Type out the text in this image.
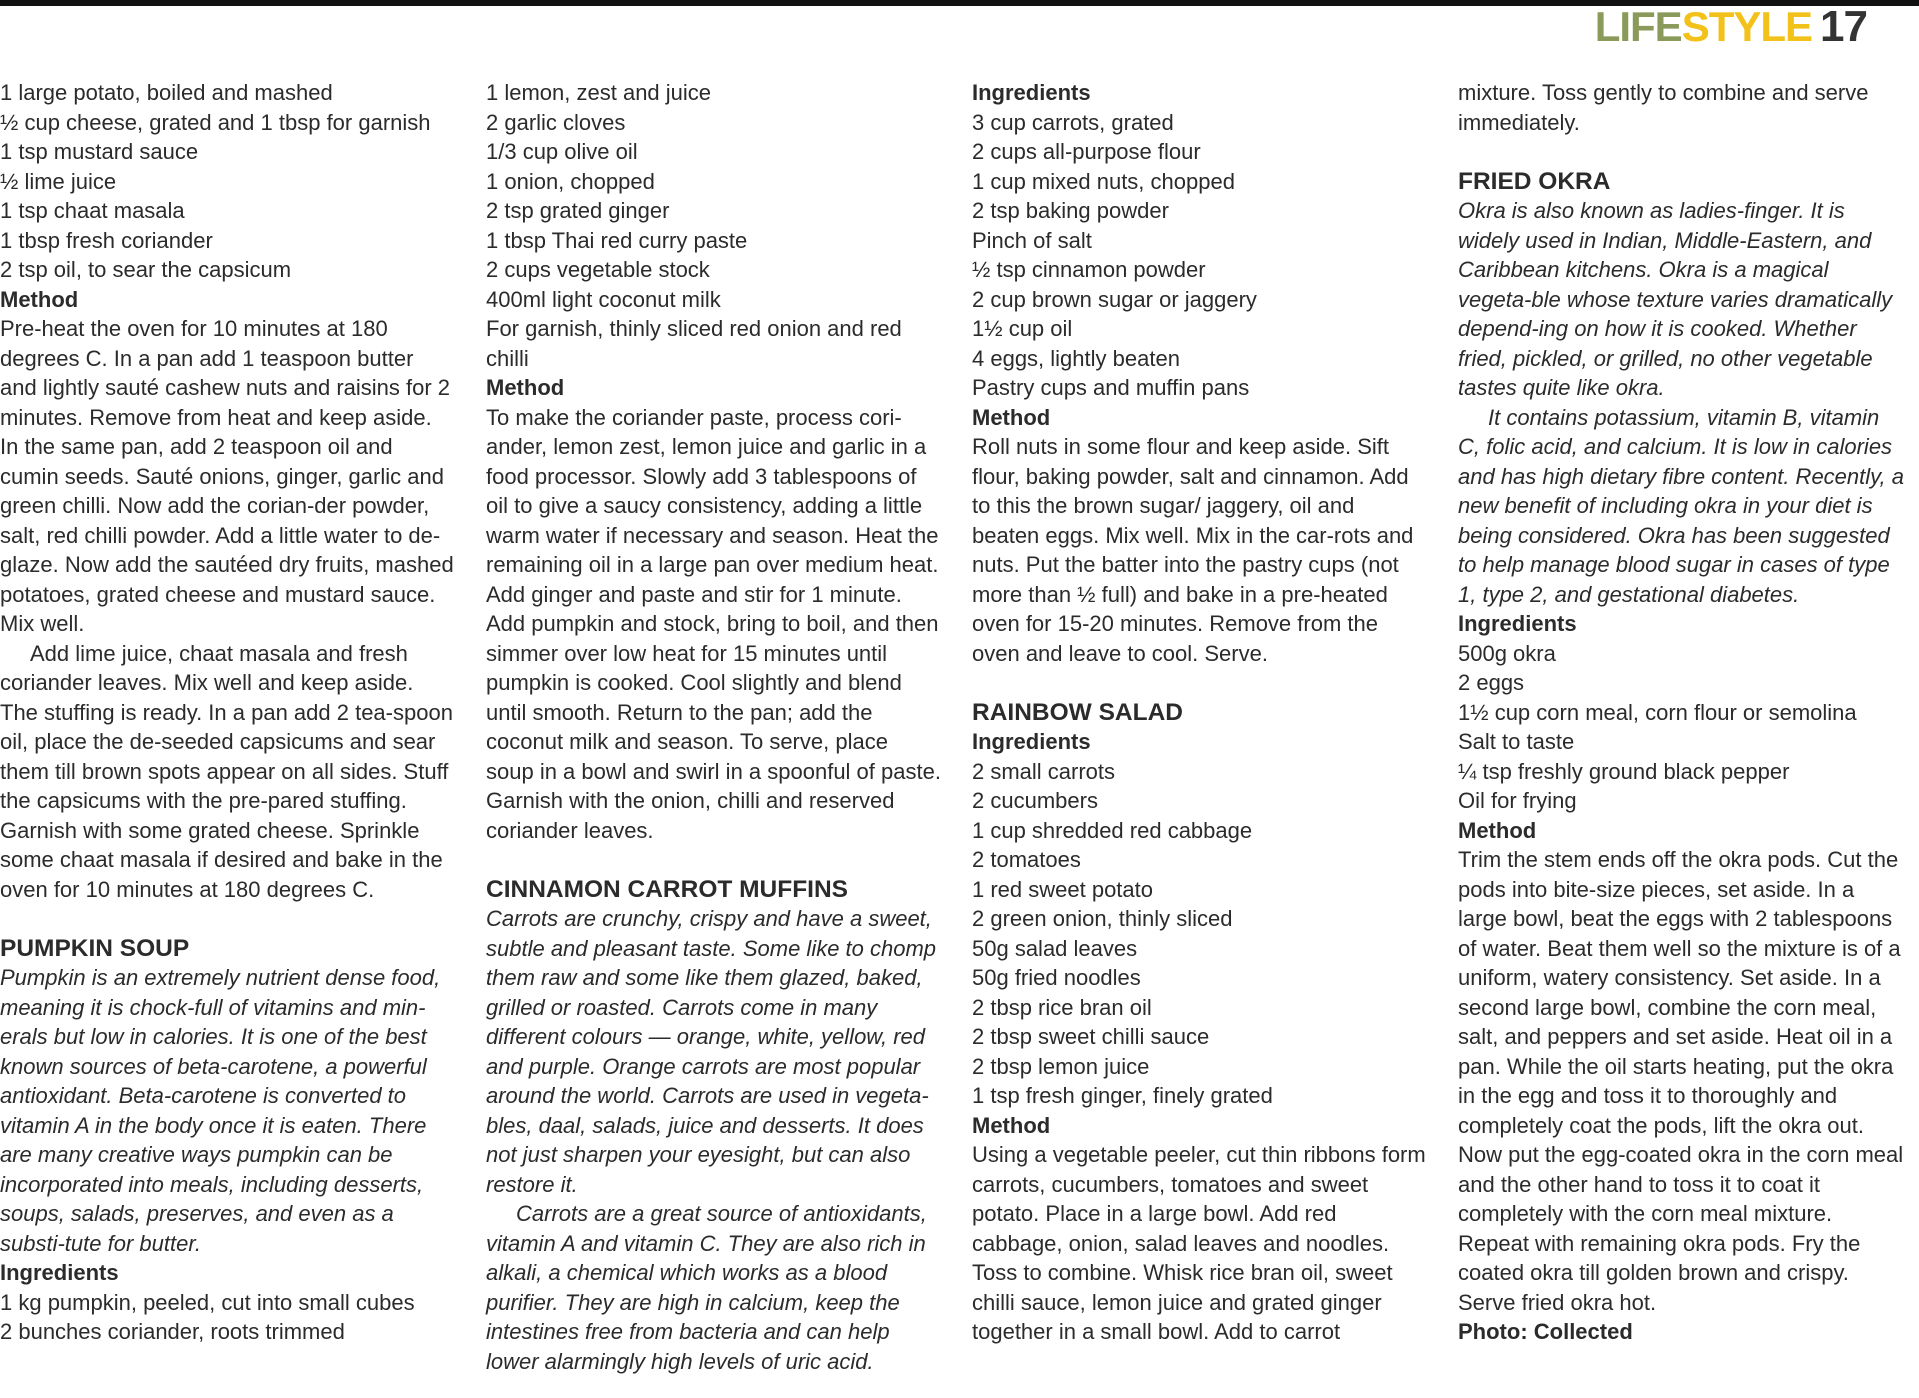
LIFE STYLE 17
1 large potato, boiled and mashed
½ cup cheese, grated and 1 tbsp for garnish
1 tsp mustard sauce
½ lime juice
1 tsp chaat masala
1 tbsp fresh coriander
2 tsp oil, to sear the capsicum

Method

Pre-heat the oven for 10 minutes at 180 degrees C. In a pan add 1 teaspoon butter and lightly sauté cashew nuts and raisins for 2 minutes. Remove from heat and keep aside. In the same pan, add 2 teaspoon oil and cumin seeds. Sauté onions, ginger, garlic and green chilli. Now add the corian-der powder, salt, red chilli powder. Add a little water to de-glaze. Now add the sautéed dry fruits, mashed potatoes, grated cheese and mustard sauce. Mix well.

Add lime juice, chaat masala and fresh coriander leaves. Mix well and keep aside. The stuffing is ready. In a pan add 2 tea-spoon oil, place the de-seeded capsicums and sear them till brown spots appear on all sides. Stuff the capsicums with the pre-pared stuffing. Garnish with some grated cheese. Sprinkle some chaat masala if desired and bake in the oven for 10 minutes at 180 degrees C.

PUMPKIN SOUP

Pumpkin is an extremely nutrient dense food, meaning it is chock-full of vitamins and min-erals but low in calories. It is one of the best known sources of beta-carotene, a powerful antioxidant. Beta-carotene is converted to vitamin A in the body once it is eaten. There are many creative ways pumpkin can be incorporated into meals, including desserts, soups, salads, preserves, and even as a substi-tute for butter.

Ingredients

1 kg pumpkin, peeled, cut into small cubes
2 bunches coriander, roots trimmed
1 lemon, zest and juice
2 garlic cloves
1/3 cup olive oil
1 onion, chopped
2 tsp grated ginger
1 tbsp Thai red curry paste
2 cups vegetable stock
400ml light coconut milk
For garnish, thinly sliced red onion and red chilli

Method

To make the coriander paste, process cori-ander, lemon zest, lemon juice and garlic in a food processor. Slowly add 3 tablespoons of oil to give a saucy consistency, adding a little warm water if necessary and season. Heat the remaining oil in a large pan over medium heat. Add ginger and paste and stir for 1 minute. Add pumpkin and stock, bring to boil, and then simmer over low heat for 15 minutes until pumpkin is cooked. Cool slightly and blend until smooth. Return to the pan; add the coconut milk and season. To serve, place soup in a bowl and swirl in a spoonful of paste. Garnish with the onion, chilli and reserved coriander leaves.

CINNAMON CARROT MUFFINS

Carrots are crunchy, crispy and have a sweet, subtle and pleasant taste. Some like to chomp them raw and some like them glazed, baked, grilled or roasted. Carrots come in many different colours — orange, white, yellow, red and purple. Orange carrots are most popular around the world. Carrots are used in vegeta-bles, daal, salads, juice and desserts. It does not just sharpen your eyesight, but can also restore it.

Carrots are a great source of antioxidants, vitamin A and vitamin C. They are also rich in alkali, a chemical which works as a blood purifier. They are high in calcium, keep the intestines free from bacteria and can help lower alarmingly high levels of uric acid.

Ingredients

3 cup carrots, grated
2 cups all-purpose flour
1 cup mixed nuts, chopped
2 tsp baking powder
Pinch of salt
½ tsp cinnamon powder
2 cup brown sugar or jaggery
1½ cup oil
4 eggs, lightly beaten
Pastry cups and muffin pans

Method

Roll nuts in some flour and keep aside. Sift flour, baking powder, salt and cinnamon. Add to this the brown sugar/ jaggery, oil and beaten eggs. Mix well. Mix in the car-rots and nuts. Put the batter into the pastry cups (not more than ½ full) and bake in a pre-heated oven for 15-20 minutes. Remove from the oven and leave to cool. Serve.

RAINBOW SALAD

Ingredients

2 small carrots
2 cucumbers
1 cup shredded red cabbage
2 tomatoes
1 red sweet potato
2 green onion, thinly sliced
50g salad leaves
50g fried noodles
2 tbsp rice bran oil
2 tbsp sweet chilli sauce
2 tbsp lemon juice
1 tsp fresh ginger, finely grated

Method

Using a vegetable peeler, cut thin ribbons form carrots, cucumbers, tomatoes and sweet potato. Place in a large bowl. Add red cabbage, onion, salad leaves and noodles. Toss to combine. Whisk rice bran oil, sweet chilli sauce, lemon juice and grated ginger together in a small bowl. Add to carrot

mixture. Toss gently to combine and serve immediately.

FRIED OKRA

Okra is also known as ladies-finger. It is widely used in Indian, Middle-Eastern, and Caribbean kitchens. Okra is a magical vegeta-ble whose texture varies dramatically depend-ing on how it is cooked. Whether fried, pickled, or grilled, no other vegetable tastes quite like okra.

It contains potassium, vitamin B, vitamin C, folic acid, and calcium. It is low in calories and has high dietary fibre content. Recently, a new benefit of including okra in your diet is being considered. Okra has been suggested to help manage blood sugar in cases of type 1, type 2, and gestational diabetes.

Ingredients

500g okra
2 eggs
1½ cup corn meal, corn flour or semolina
Salt to taste
¼ tsp freshly ground black pepper
Oil for frying

Method

Trim the stem ends off the okra pods. Cut the pods into bite-size pieces, set aside. In a large bowl, beat the eggs with 2 tablespoons of water. Beat them well so the mixture is of a uniform, watery consistency. Set aside. In a second large bowl, combine the corn meal, salt, and peppers and set aside. Heat oil in a pan. While the oil starts heating, put the okra in the egg and toss it to thoroughly and completely coat the pods, lift the okra out. Now put the egg-coated okra in the corn meal and the other hand to toss it to coat it completely with the corn meal mixture. Repeat with remaining okra pods. Fry the coated okra till golden brown and crispy. Serve fried okra hot.

Photo: Collected
